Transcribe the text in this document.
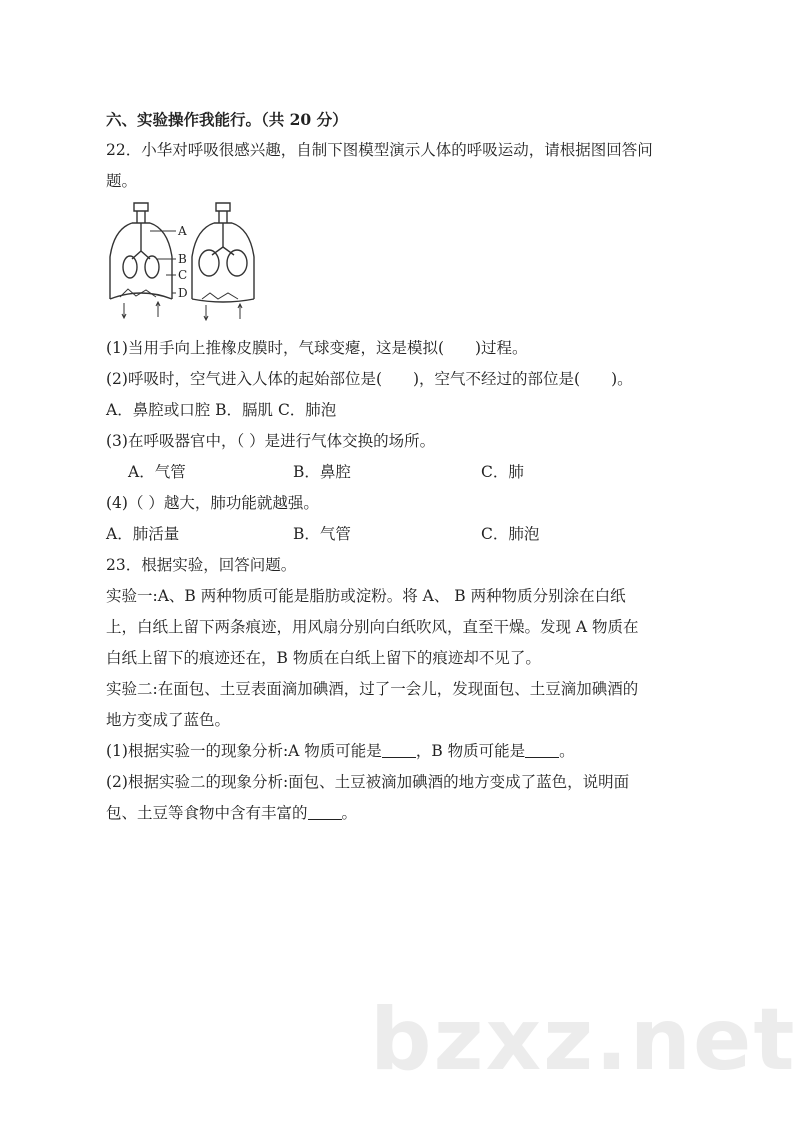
六、实验操作我能行。（共 20 分）
22．小华对呼吸很感兴趣，自制下图模型演示人体的呼吸运动，请根据图回答问
题。
A
B
C
D
(1)当用手向上推橡皮膜时，气球变瘪，这是模拟(　　)过程。
(2)呼吸时，空气进入人体的起始部位是(　　)，空气不经过的部位是(　　)。
A．鼻腔或口腔 B．膈肌 C．肺泡
(3)在呼吸器官中，（ ）是进行气体交换的场所。
A．气管	B．鼻腔	C．肺
(4)（ ）越大，肺功能就越强。
A．肺活量	B．气管	C．肺泡
23．根据实验，回答问题。
实验一:A、B 两种物质可能是脂肪或淀粉。将 A、 B 两种物质分别涂在白纸
上，白纸上留下两条痕迹，用风扇分别向白纸吹风，直至干燥。发现 A 物质在
白纸上留下的痕迹还在，B 物质在白纸上留下的痕迹却不见了。
实验二:在面包、土豆表面滴加碘酒，过了一会儿，发现面包、土豆滴加碘酒的
地方变成了蓝色。
(1)根据实验一的现象分析:A 物质可能是 ，B 物质可能是 。
(2)根据实验二的现象分析:面包、土豆被滴加碘酒的地方变成了蓝色，说明面
包、土豆等食物中含有丰富的 。
bzxz.net
